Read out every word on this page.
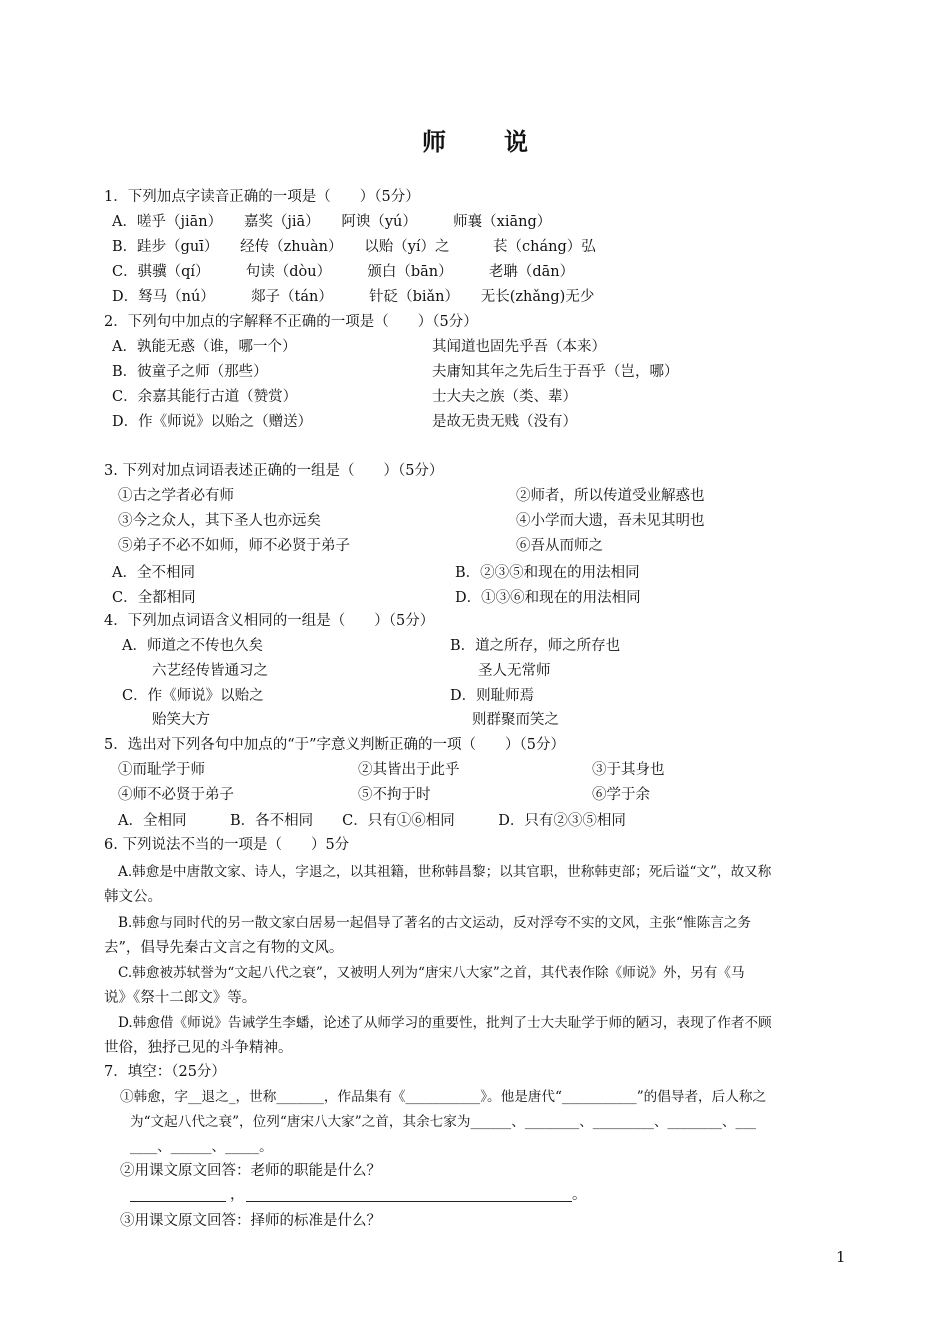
师 说
1．下列加点字读音正确的一项是（　　）（5分）
A．嗟乎（jiān）　　嘉奖（jiā）　　阿谀（yú）　　　师襄（xiāng）
B．跬步（guī）　　经传（zhuàn）　　以贻（yí）之　　　苌（cháng）弘
C．骐骥（qí）　　　句读（dòu）　　　颁白（bān）　　　老聃（dān）
D．驽马（nú）　　　郯子（tán）　　　针砭（biǎn）　　无长(zhǎng)无少
2．下列句中加点的字解释不正确的一项是（　　）（5分）
A．孰能无惑（谁，哪一个）	其闻道也固先乎吾（本来）
B．彼童子之师（那些）	夫庸知其年之先后生于吾乎（岂，哪）
C．余嘉其能行古道（赞赏）	士大夫之族（类、辈）
D．作《师说》以贻之（赠送）	是故无贵无贱（没有）
3. 下列对加点词语表述正确的一组是（　　）（5分）
①古之学者必有师	②师者，所以传道受业解惑也
③今之众人，其下圣人也亦远矣	④小学而大遗，吾未见其明也
⑤弟子不必不如师，师不必贤于弟子	⑥吾从而师之
A．全不相同	B．②③⑤和现在的用法相同
C．全都相同	D．①③⑥和现在的用法相同
4．下列加点词语含义相同的一组是（　　）（5分）
A．师道之不传也久矣	B．道之所存，师之所存也
六艺经传皆通习之	圣人无常师
C．作《师说》以贻之	D．则耻师焉
贻笑大方	则群聚而笑之
5．选出对下列各句中加点的“于”字意义判断正确的一项（　　）（5分）
①而耻学于师	②其皆出于此乎	③于其身也
④师不必贤于弟子	⑤不拘于时	⑥学于余
A．全相同　　　B．各不相同　　C．只有①⑥相同　　　D．只有②③⑤相同
6. 下列说法不当的一项是（　　）5分
A.韩愈是中唐散文家、诗人，字退之，以其祖籍，世称韩昌黎；以其官职，世称韩吏部；死后谥“文”，故又称
韩文公。
B.韩愈与同时代的另一散文家白居易一起倡导了著名的古文运动，反对浮夸不实的文风，主张“惟陈言之务
去”，倡导先秦古文言之有物的文风。
C.韩愈被苏轼誉为“文起八代之衰”，又被明人列为“唐宋八大家”之首，其代表作除《师说》外，另有《马
说》《祭十二郎文》等。
D.韩愈借《师说》告诫学生李蟠，论述了从师学习的重要性，批判了士大夫耻学于师的陋习，表现了作者不顾
世俗，独抒己见的斗争精神。
7．填空：（25分）
①韩愈，字__退之_，世称_______，作品集有《___________》。他是唐代“___________”的倡导者，后人称之
为“文起八代之衰”，位列“唐宋八大家”之首，其余七家为______、________、_________、________、___
____、______、_____。
②用课文原文回答：老师的职能是什么？
，	。
③用课文原文回答：择师的标准是什么？
1
